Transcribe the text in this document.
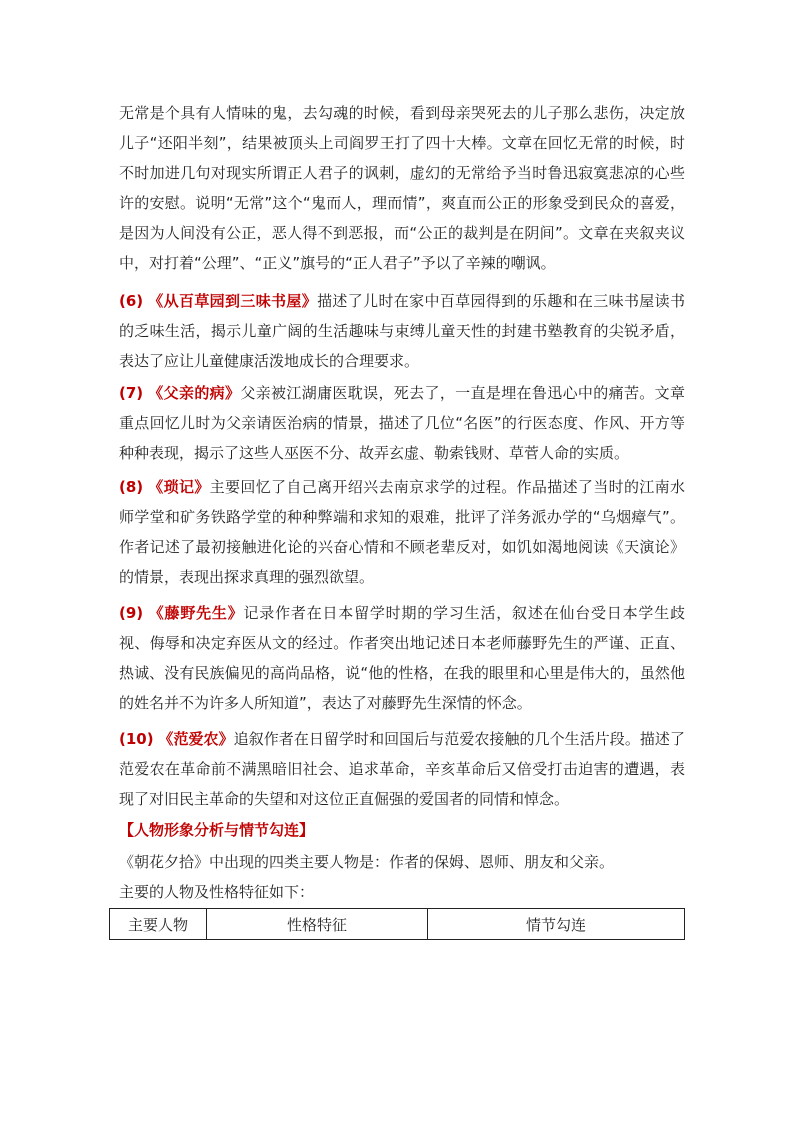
无常是个具有人情味的鬼，去勾魂的时候，看到母亲哭死去的儿子那么悲伤，决定放儿子“还阳半刻”，结果被顶头上司阎罗王打了四十大棒。文章在回忆无常的时候，时不时加进几句对现实所谓正人君子的讽刺，虚幻的无常给予当时鲁迅寂寞悲凉的心些许的安慰。说明“无常”这个“鬼而人，理而情”，爽直而公正的形象受到民众的喜爱，是因为人间没有公正，恶人得不到恶报，而“公正的裁判是在阴间”。文章在夹叙夹议中，对打着“公理”、“正义”旗号的“正人君子”予以了辛辣的嘲讽。

(6) 《从百草园到三味书屋》描述了儿时在家中百草园得到的乐趣和在三味书屋读书的乏味生活，揭示儿童广阔的生活趣味与束缚儿童天性的封建书塾教育的尖锐矛盾，表达了应让儿童健康活泼地成长的合理要求。

(7) 《父亲的病》父亲被江湖庸医耽误，死去了，一直是埋在鲁迅心中的痛苦。文章重点回忆儿时为父亲请医治病的情景，描述了几位“名医”的行医态度、作风、开方等种种表现，揭示了这些人巫医不分、故弄玄虚、勒索钱财、草菅人命的实质。

(8) 《琐记》主要回忆了自己离开绍兴去南京求学的过程。作品描述了当时的江南水师学堂和矿务铁路学堂的种种弊端和求知的艰难，批评了洋务派办学的“乌烟瘴气”。作者记述了最初接触进化论的兴奋心情和不顾老辈反对，如饥如渴地阅读《天演论》的情景，表现出探求真理的强烈欲望。

(9) 《藤野先生》记录作者在日本留学时期的学习生活，叙述在仙台受日本学生歧视、侮辱和决定弃医从文的经过。作者突出地记述日本老师藤野先生的严谨、正直、热诚、没有民族偏见的高尚品格，说“他的性格，在我的眼里和心里是伟大的，虽然他的姓名并不为许多人所知道”，表达了对藤野先生深情的怀念。

(10) 《范爱农》追叙作者在日留学时和回国后与范爱农接触的几个生活片段。描述了范爱农在革命前不满黑暗旧社会、追求革命，辛亥革命后又倍受打击迫害的遭遇，表现了对旧民主革命的失望和对这位正直倔强的爱国者的同情和悼念。

【人物形象分析与情节勾连】

《朝花夕拾》中出现的四类主要人物是：作者的保姆、恩师、朋友和父亲。

主要的人物及性格特征如下：

主要人物	性格特征	情节勾连
